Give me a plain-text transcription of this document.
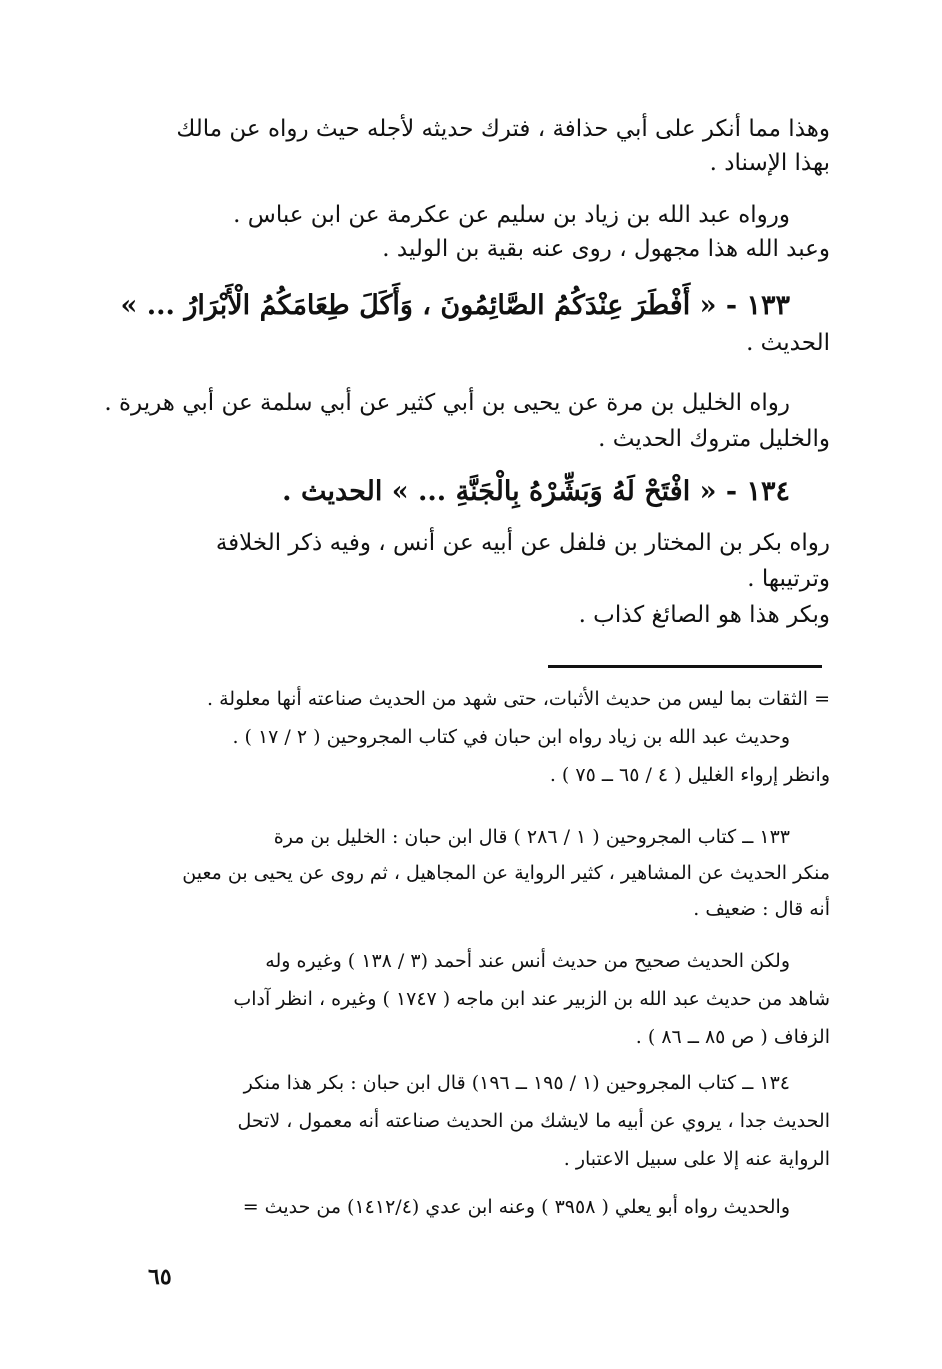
وهذا مما أنكر على أبي حذافة ، فترك حديثه لأجله حيث رواه عن مالك
بهذا الإسناد .
ورواه عبد الله بن زياد بن سليم عن عكرمة عن ابن عباس .
وعبد الله هذا مجهول ، روى عنه بقية بن الوليد .
١٣٣ - « أَفْطَرَ عِنْدَكُمُ الصَّائِمُونَ ، وَأَكَلَ طِعَامَكُمُ الْأَبْرَارُ ... »
الحديث .
رواه الخليل بن مرة عن يحيى بن أبي كثير عن أبي سلمة عن أبي هريرة .
والخليل متروك الحديث .
١٣٤ - « افْتَحْ لَهُ وَبَشِّرْهُ بِالْجَنَّةِ ... » الحديث .
رواه بكر بن المختار بن فلفل عن أبيه عن أنس ، وفيه ذكر الخلافة
وترتيبها .
وبكر هذا هو الصائغ كذاب .
= الثقات بما ليس من حديث الأثبات، حتى شهد من الحديث صناعته أنها معلولة .
وحديث عبد الله بن زياد رواه ابن حبان في كتاب المجروحين ( ٢ / ١٧ ) .
وانظر إرواء الغليل ( ٤ / ٦٥ ــ ٧٥ ) .
١٣٣ ــ كتاب المجروحين ( ١ / ٢٨٦ ) قال ابن حبان : الخليل بن مرة
منكر الحديث عن المشاهير ، كثير الرواية عن المجاهيل ، ثم روى عن يحيى بن معين
أنه قال : ضعيف .
ولكن الحديث صحيح من حديث أنس عند أحمد (٣ / ١٣٨ ) وغيره وله
شاهد من حديث عبد الله بن الزبير عند ابن ماجه ( ١٧٤٧ ) وغيره ، انظر آداب
الزفاف ( ص ٨٥ ــ ٨٦ ) .
١٣٤ ــ كتاب المجروحين (١ / ١٩٥ ــ ١٩٦) قال ابن حبان : بكر هذا منكر
الحديث جدا ، يروي عن أبيه ما لايشك من الحديث صناعته أنه معمول ، لاتحل
الرواية عنه إلا على سبيل الاعتبار .
والحديث رواه أبو يعلي ( ٣٩٥٨ ) وعنه ابن عدي (١٤١٢/٤) من حديث =
٦٥
